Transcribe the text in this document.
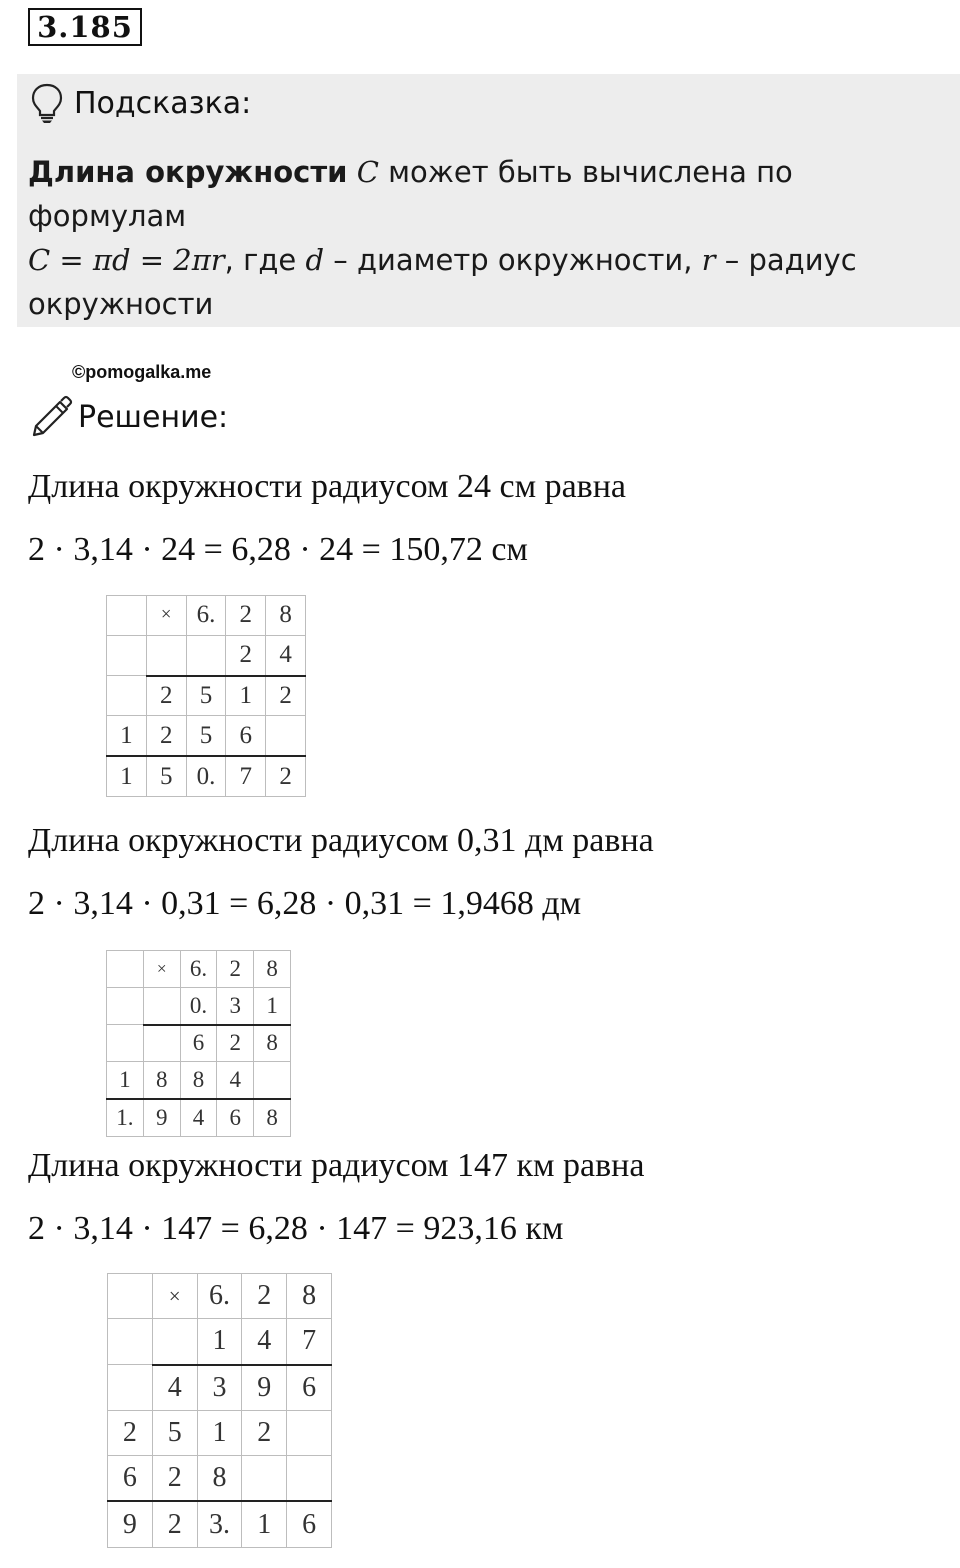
3.185
Подсказка:
Длина окружности C может быть вычислена по формулам
C = πd = 2πr, где d – диаметр окружности, r – радиус окружности
©pomogalka.me
Решение:
Длина окружности радиусом 24 см равна
2 · 3,14 · 24 = 6,28 · 24 = 150,72 см
	×	6.	2	8
			2	4
	2	5	1	2
1	2	5	6	
1	5	0.	7	2
Длина окружности радиусом 0,31 дм равна
2 · 3,14 · 0,31 = 6,28 · 0,31 = 1,9468 дм
	×	6.	2	8
		0.	3	1
		6	2	8
1	8	8	4	
1.	9	4	6	8
Длина окружности радиусом 147 км равна
2 · 3,14 · 147 = 6,28 · 147 = 923,16 км
	×	6.	2	8
		1	4	7
	4	3	9	6
2	5	1	2	
6	2	8		
9	2	3.	1	6
